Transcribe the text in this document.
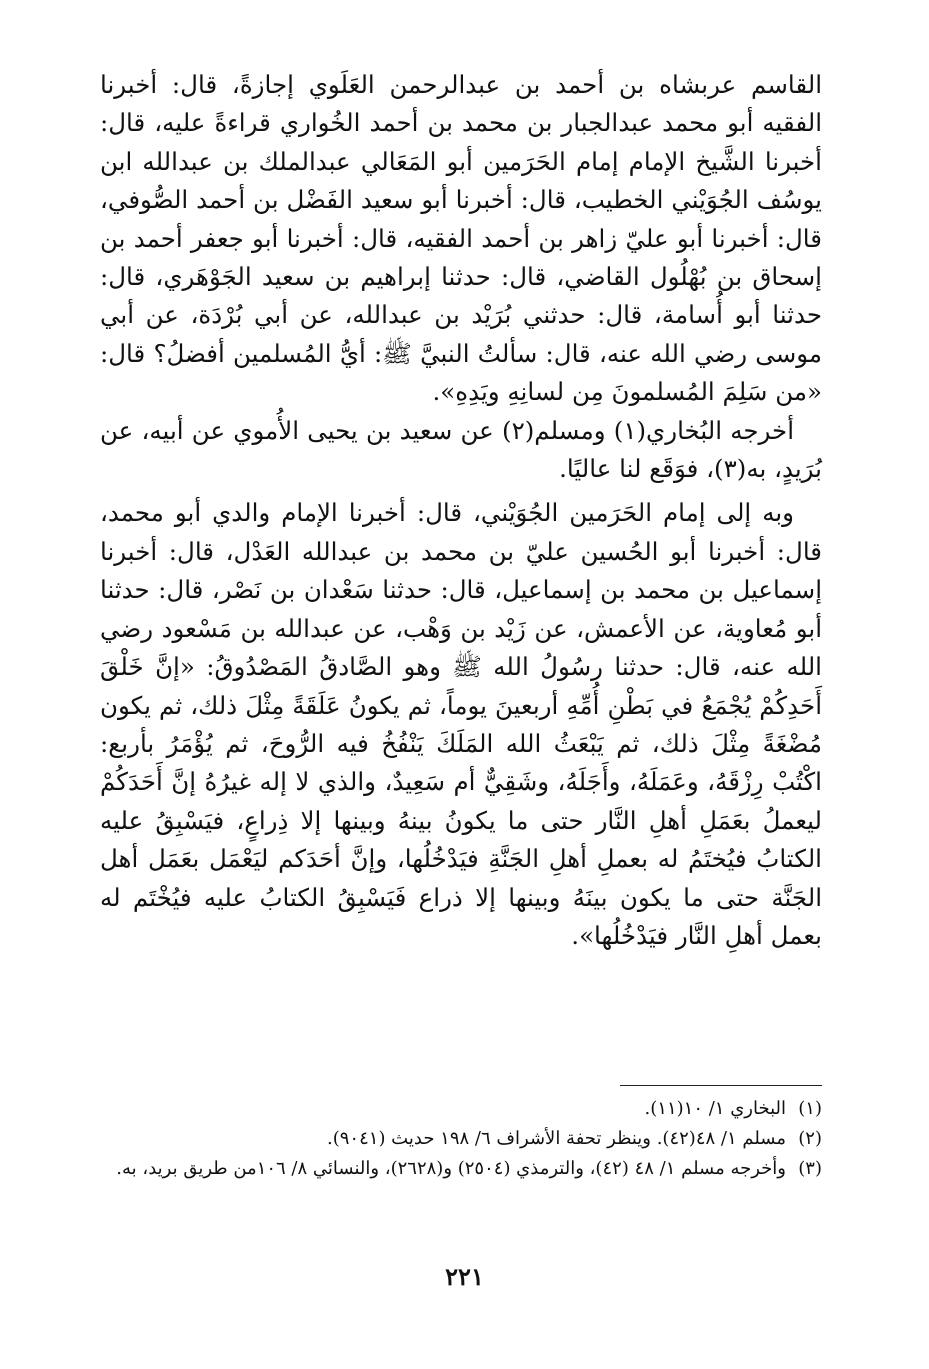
القاسم عربشاه بن أحمد بن عبدالرحمن العَلَوي إجازةً، قال: أخبرنا الفقيه أبو محمد عبدالجبار بن محمد بن أحمد الخُواري قراءةً عليه، قال: أخبرنا الشَّيخ الإمام إمام الحَرَمين أبو المَعَالي عبدالملك بن عبدالله ابن يوسُف الجُوَيْني الخطيب، قال: أخبرنا أبو سعيد الفَضْل بن أحمد الصُّوفي، قال: أخبرنا أبو عليّ زاهر بن أحمد الفقيه، قال: أخبرنا أبو جعفر أحمد بن إسحاق بن بُهْلُول القاضي، قال: حدثنا إبراهيم بن سعيد الجَوْهَري، قال: حدثنا أبو أُسامة، قال: حدثني بُرَيْد بن عبدالله، عن أبي بُرْدَة، عن أبي موسى رضي الله عنه، قال: سألتُ النبيَّ ﷺ: أيُّ المُسلمين أفضلُ؟ قال: «من سَلِمَ المُسلمونَ مِن لسانِهِ ويَدِهِ».

أخرجه البُخاري(١) ومسلم(٢) عن سعيد بن يحيى الأُموي عن أبيه، عن بُرَيدٍ، به(٣)، فوَقَع لنا عاليًا.

وبه إلى إمام الحَرَمين الجُوَيْني، قال: أخبرنا الإمام والدي أبو محمد، قال: أخبرنا أبو الحُسين عليّ بن محمد بن عبدالله العَدْل، قال: أخبرنا إسماعيل بن محمد بن إسماعيل، قال: حدثنا سَعْدان بن نَصْر، قال: حدثنا أبو مُعاوية، عن الأعمش، عن زَيْد بن وَهْب، عن عبدالله بن مَسْعود رضي الله عنه، قال: حدثنا رسُولُ الله ﷺ وهو الصَّادقُ المَصْدُوقُ: «إنَّ خَلْقَ أَحَدِكُمْ يُجْمَعُ في بَطْنِ أُمِّهِ أربعينَ يوماً، ثم يكونُ عَلَقَةً مِثْلَ ذلك، ثم يكون مُضْغَةً مِثْلَ ذلك، ثم يَبْعَثُ الله المَلَكَ يَنْفُخُ فيه الرُّوحَ، ثم يُؤْمَرُ بأربع: اكْتُبْ رِزْقَهُ، وعَمَلَهُ، وأَجَلَهُ، وشَقِيٌّ أم سَعِيدٌ، والذي لا إله غيرُهُ إنَّ أَحَدَكُمْ ليعملُ بعَمَلِ أهلِ النَّار حتى ما يكونُ بينهُ وبينها إلا ذِراعٍ، فيَسْبِقُ عليه الكتابُ فيُختَمُ له بعملِ أهلِ الجَنَّةِ فيَدْخُلُها، وإنَّ أحَدَكم ليَعْمَل بعَمَل أهل الجَنَّة حتى ما يكون بينَهُ وبينها إلا ذراع فَيَسْبِقُ الكتابُ عليه فيُخْتَم له بعمل أهلِ النَّار فيَدْخُلُها».

(١)
البخاري ١/ ١٠(١١).
(٢)
مسلم ١/ ٤٨(٤٢). وينظر تحفة الأشراف ٦/ ١٩٨ حديث (٩٠٤١).
(٣)
وأخرجه مسلم ١/ ٤٨ (٤٢)، والترمذي (٢٥٠٤) و(٢٦٢٨)، والنسائي ٨/ ١٠٦من طريق بريد، به.
٢٢١
